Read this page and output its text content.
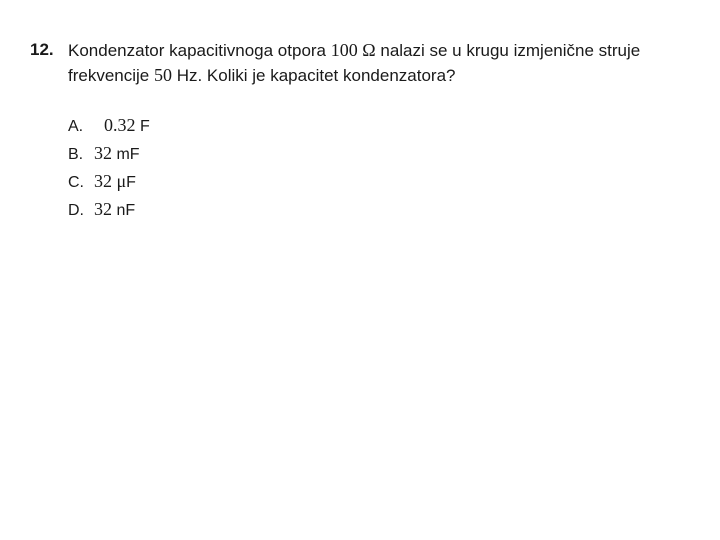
12. Kondenzator kapacitivnoga otpora 100 Ω nalazi se u krugu izmjenične struje
frekvencije 50 Hz. Koliki je kapacitet kondenzatora?
A. 0.32 F
B. 32 mF
C. 32 μF
D. 32 nF
